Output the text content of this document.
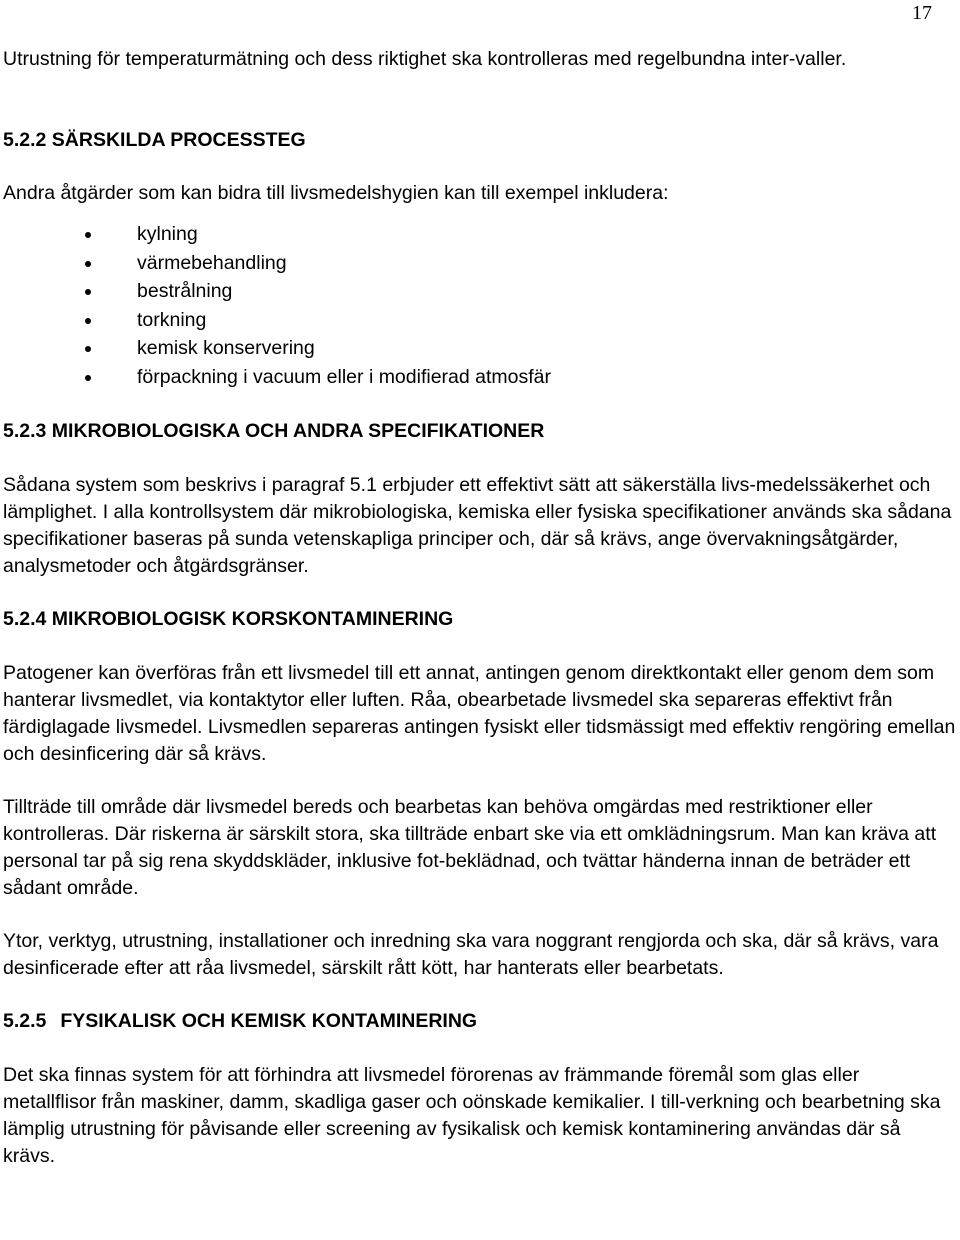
17

Utrustning för temperaturmätning och dess riktighet ska kontrolleras med regelbundna inter-valler.

5.2.2 SÄRSKILDA PROCESSTEG

Andra åtgärder som kan bidra till livsmedelshygien kan till exempel inkludera:

kylning
värmebehandling
bestrålning
torkning
kemisk konservering
förpackning i vacuum eller i modifierad atmosfär

5.2.3 MIKROBIOLOGISKA OCH ANDRA SPECIFIKATIONER

Sådana system som beskrivs i paragraf 5.1 erbjuder ett effektivt sätt att säkerställa livs-medelssäkerhet och lämplighet. I alla kontrollsystem där mikrobiologiska, kemiska eller fysiska specifikationer används ska sådana specifikationer baseras på sunda vetenskapliga principer och, där så krävs, ange övervakningsåtgärder, analysmetoder och åtgärdsgränser.

5.2.4 MIKROBIOLOGISK KORSKONTAMINERING

Patogener kan överföras från ett livsmedel till ett annat, antingen genom direktkontakt eller genom dem som hanterar livsmedlet, via kontaktytor eller luften. Råa, obearbetade livsmedel ska separeras effektivt från färdiglagade livsmedel. Livsmedlen separeras antingen fysiskt eller tidsmässigt med effektiv rengöring emellan och desinficering där så krävs.

Tillträde till område där livsmedel bereds och bearbetas kan behöva omgärdas med restriktioner eller kontrolleras. Där riskerna är särskilt stora, ska tillträde enbart ske via ett omklädningsrum. Man kan kräva att personal tar på sig rena skyddskläder, inklusive fot-beklädnad, och tvättar händerna innan de beträder ett sådant område.

Ytor, verktyg, utrustning, installationer och inredning ska vara noggrant rengjorda och ska, där så krävs, vara desinficerade efter att råa livsmedel, särskilt rått kött, har hanterats eller bearbetats.

5.2.5 FYSIKALISK OCH KEMISK KONTAMINERING

Det ska finnas system för att förhindra att livsmedel förorenas av främmande föremål som glas eller metallflisor från maskiner, damm, skadliga gaser och oönskade kemikalier. I till-verkning och bearbetning ska lämplig utrustning för påvisande eller screening av fysikalisk och kemisk kontaminering användas där så krävs.
